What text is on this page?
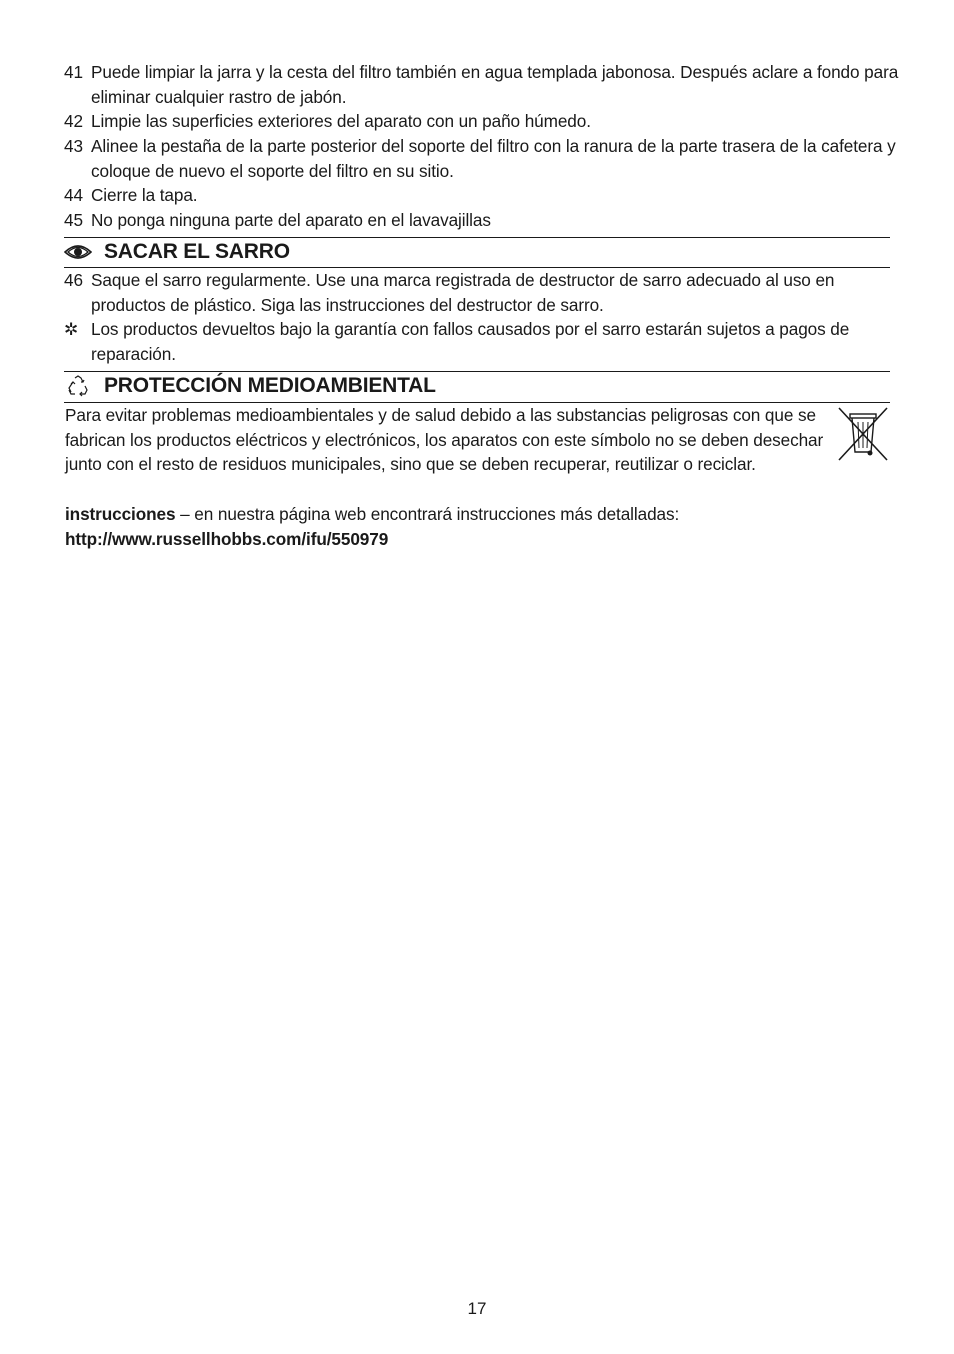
41 Puede limpiar la jarra y la cesta del filtro también en agua templada jabonosa. Después aclare a fondo para eliminar cualquier rastro de jabón.
42 Limpie las superficies exteriores del aparato con un paño húmedo.
43 Alinee la pestaña de la parte posterior del soporte del filtro con la ranura de la parte trasera de la cafetera y coloque de nuevo el soporte del filtro en su sitio.
44 Cierre la tapa.
45 No ponga ninguna parte del aparato en el lavavajillas
SACAR EL SARRO
46 Saque el sarro regularmente. Use una marca registrada de destructor de sarro adecuado al uso en productos de plástico. Siga las instrucciones del destructor de sarro.
✲ Los productos devueltos bajo la garantía con fallos causados por el sarro estarán sujetos a pagos de reparación.
PROTECCIÓN MEDIOAMBIENTAL
Para evitar problemas medioambientales y de salud debido a las substancias peligrosas con que se fabrican los productos eléctricos y electrónicos, los aparatos con este símbolo no se deben desechar junto con el resto de residuos municipales, sino que se deben recuperar, reutilizar o reciclar.
instrucciones – en nuestra página web encontrará instrucciones más detalladas:
http://www.russellhobbs.com/ifu/550979
17
